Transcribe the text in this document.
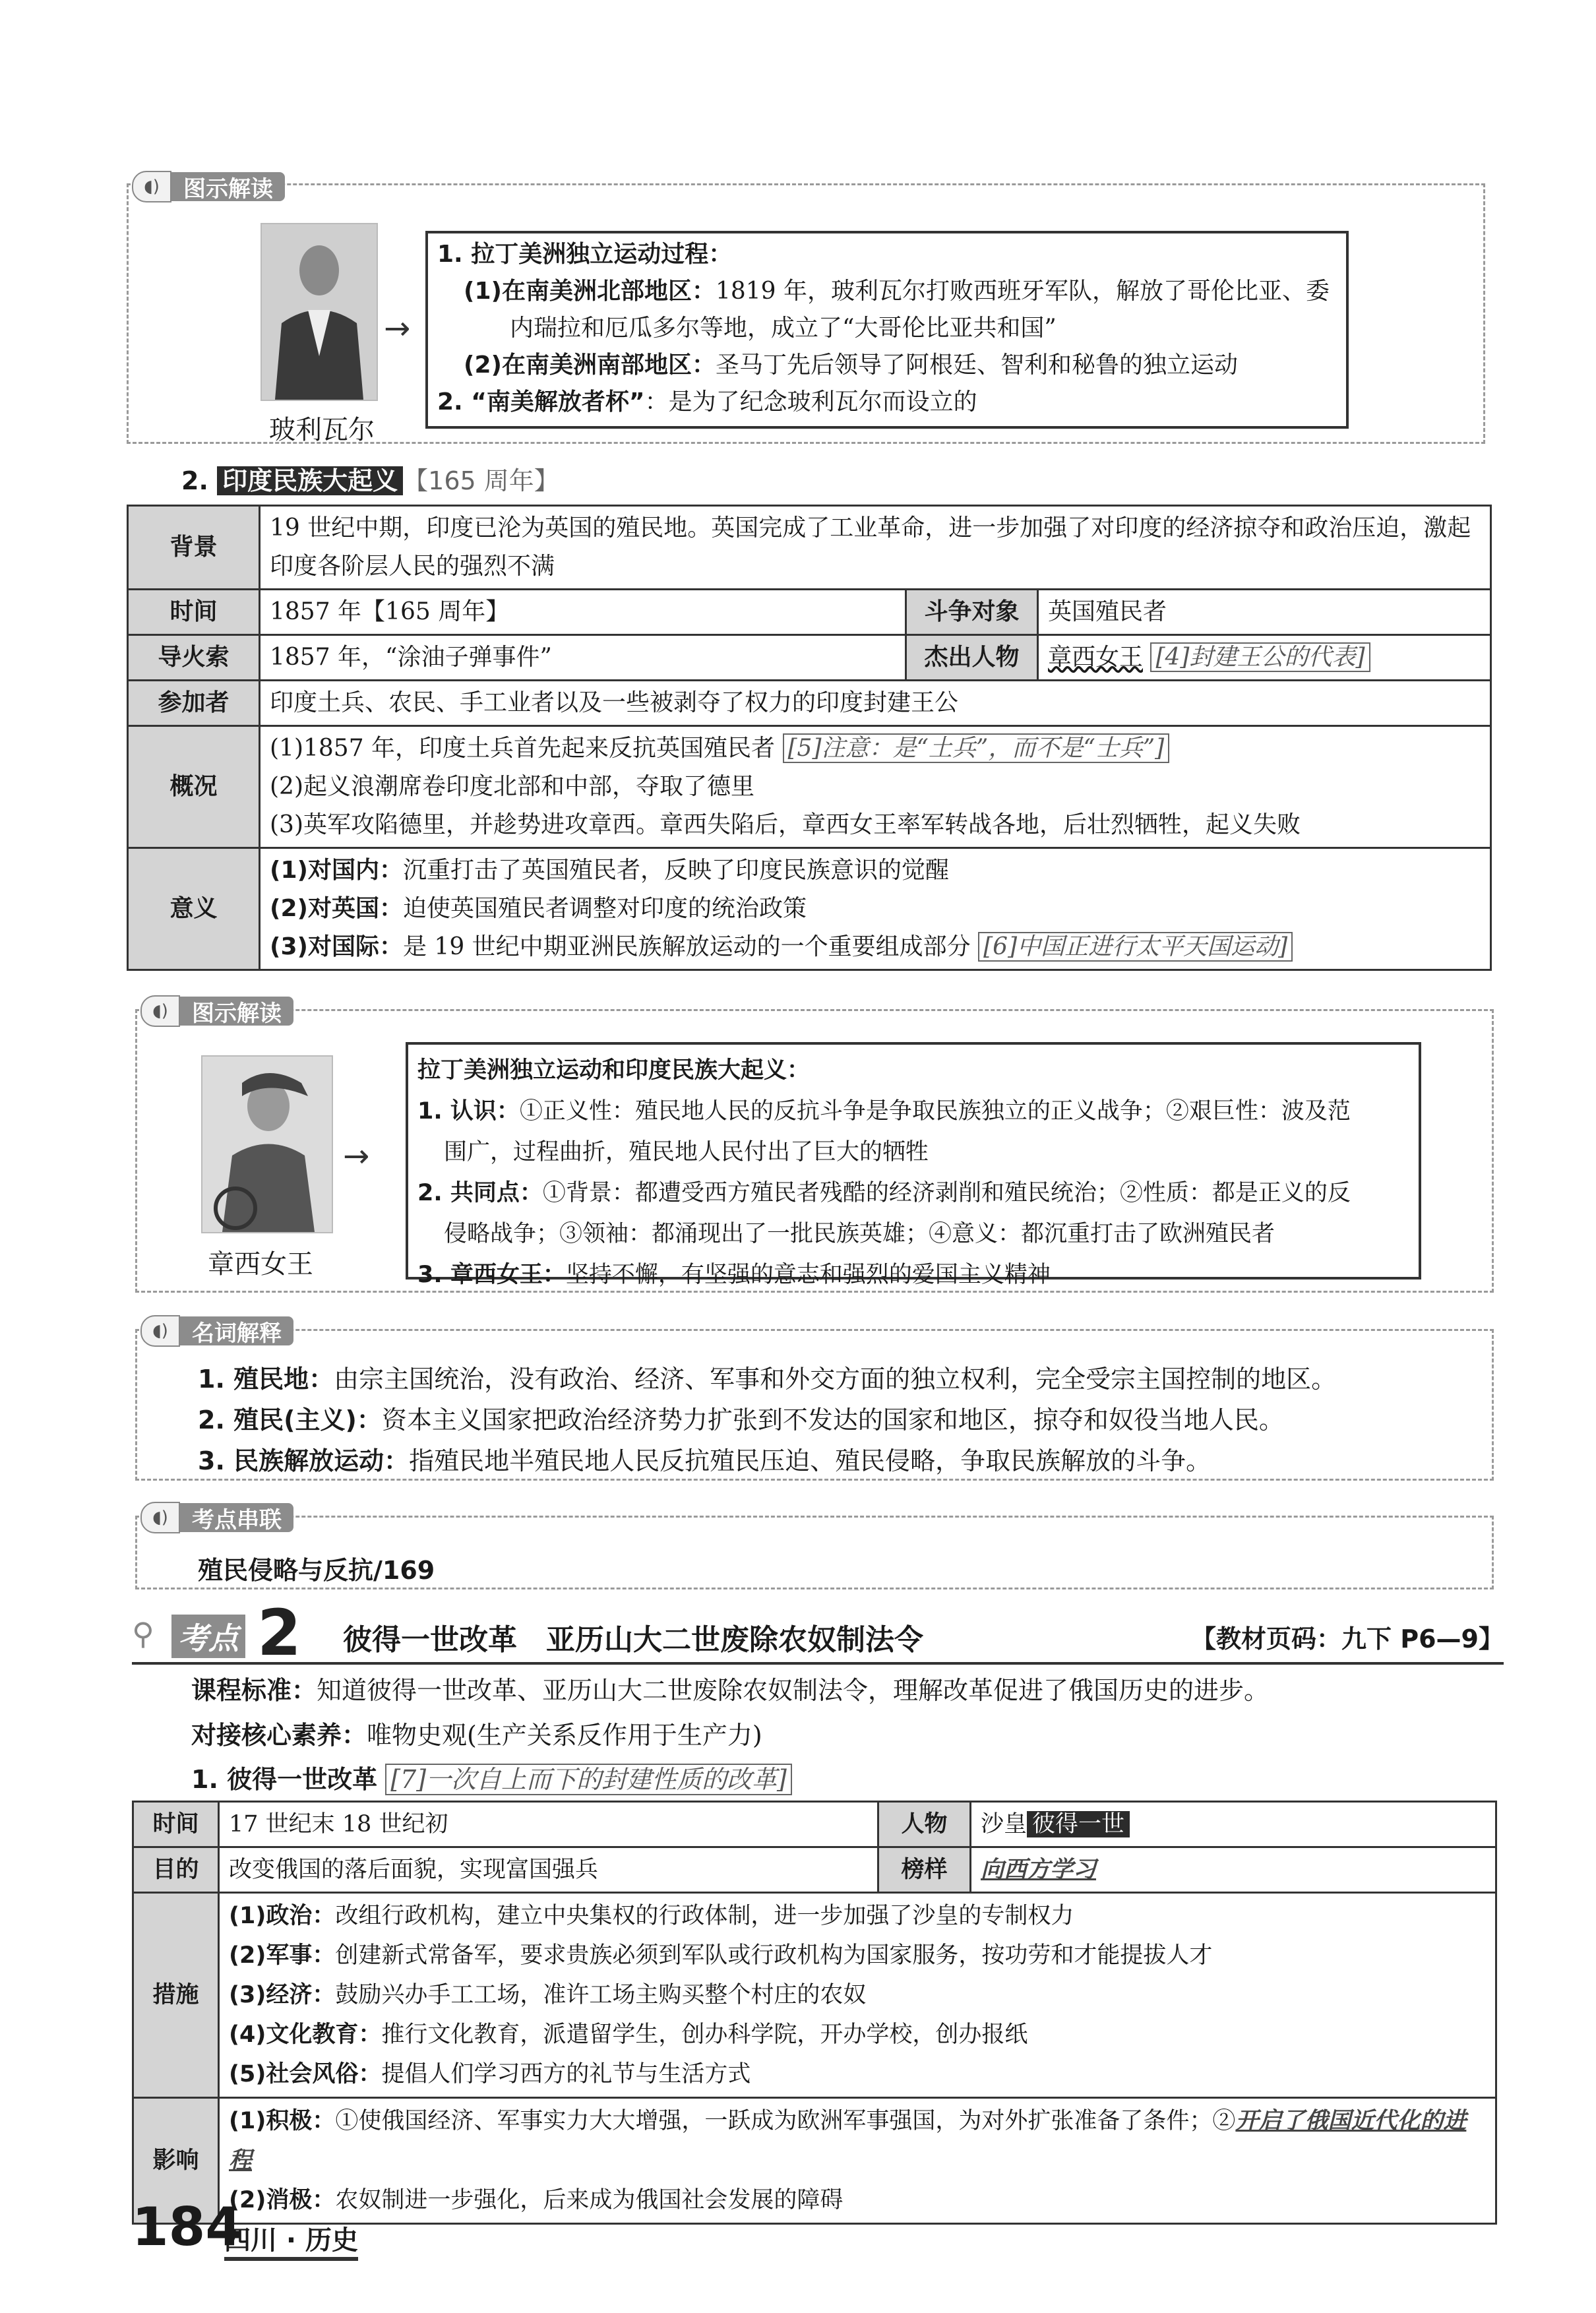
◖)	图示解读
→
玻利瓦尔
1. 拉丁美洲独立运动过程：
(1)在南美洲北部地区：1819 年，玻利瓦尔打败西班牙军队，解放了哥伦比亚、委
内瑞拉和厄瓜多尔等地，成立了“大哥伦比亚共和国”
(2)在南美洲南部地区：圣马丁先后领导了阿根廷、智利和秘鲁的独立运动
2. “南美解放者杯”：是为了纪念玻利瓦尔而设立的
2. 印度民族大起义 【165 周年】
背景	19 世纪中期，印度已沦为英国的殖民地。英国完成了工业革命，进一步加强了对印度的经济掠夺和政治压迫，激起印度各阶层人民的强烈不满		
时间	1857 年【165 周年】	斗争对象	英国殖民者
导火索	1857 年，“涂油子弹事件”	杰出人物	章西女王 [4]封建王公的代表]
参加者	印度土兵、农民、手工业者以及一些被剥夺了权力的印度封建王公		
概况	(1)1857 年，印度土兵首先起来反抗英国殖民者 [5]注意：是“土兵”，而不是“士兵”]
(2)起义浪潮席卷印度北部和中部，夺取了德里
(3)英军攻陷德里，并趁势进攻章西。章西失陷后，章西女王率军转战各地，后壮烈牺牲，起义失败		

意义	(1)对国内：沉重打击了英国殖民者，反映了印度民族意识的觉醒
(2)对英国：迫使英国殖民者调整对印度的统治政策
(3)对国际：是 19 世纪中期亚洲民族解放运动的一个重要组成部分 [6]中国正进行太平天国运动]		
◖)	图示解读
→
章西女王
拉丁美洲独立运动和印度民族大起义：
1. 认识：①正义性：殖民地人民的反抗斗争是争取民族独立的正义战争；②艰巨性：波及范
围广，过程曲折，殖民地人民付出了巨大的牺牲
2. 共同点：①背景：都遭受西方殖民者残酷的经济剥削和殖民统治；②性质：都是正义的反
侵略战争；③领袖：都涌现出了一批民族英雄；④意义：都沉重打击了欧洲殖民者
3. 章西女王：坚持不懈，有坚强的意志和强烈的爱国主义精神
◖)	名词解释
1. 殖民地：由宗主国统治，没有政治、经济、军事和外交方面的独立权利，完全受宗主国控制的地区。
2. 殖民(主义)：资本主义国家把政治经济势力扩张到不发达的国家和地区，掠夺和奴役当地人民。
3. 民族解放运动：指殖民地半殖民地人民反抗殖民压迫、殖民侵略，争取民族解放的斗争。
◖)	考点串联
殖民侵略与反抗/169
⚲ 考点 2 彼得一世改革　亚历山大二世废除农奴制法令	【教材页码：九下 P6—9】
课程标准：知道彼得一世改革、亚历山大二世废除农奴制法令，理解改革促进了俄国历史的进步。
对接核心素养：唯物史观(生产关系反作用于生产力)
1. 彼得一世改革 [7]一次自上而下的封建性质的改革]
时间	17 世纪末 18 世纪初	人物	沙皇 彼得一世
目的	改变俄国的落后面貌，实现富国强兵	榜样	向西方学习
措施	(1)政治：改组行政机构，建立中央集权的行政体制，进一步加强了沙皇的专制权力
(2)军事：创建新式常备军，要求贵族必须到军队或行政机构为国家服务，按功劳和才能提拔人才
(3)经济：鼓励兴办手工工场，准许工场主购买整个村庄的农奴
(4)文化教育：推行文化教育，派遣留学生，创办科学院，开办学校，创办报纸
(5)社会风俗：提倡人们学习西方的礼节与生活方式		

影响	(1)积极：①使俄国经济、军事实力大大增强，一跃成为欧洲军事强国，为对外扩张准备了条件；②开启了俄国近代化的进程
(2)消极：农奴制进一步强化，后来成为俄国社会发展的障碍		
184
四川 · 历史
